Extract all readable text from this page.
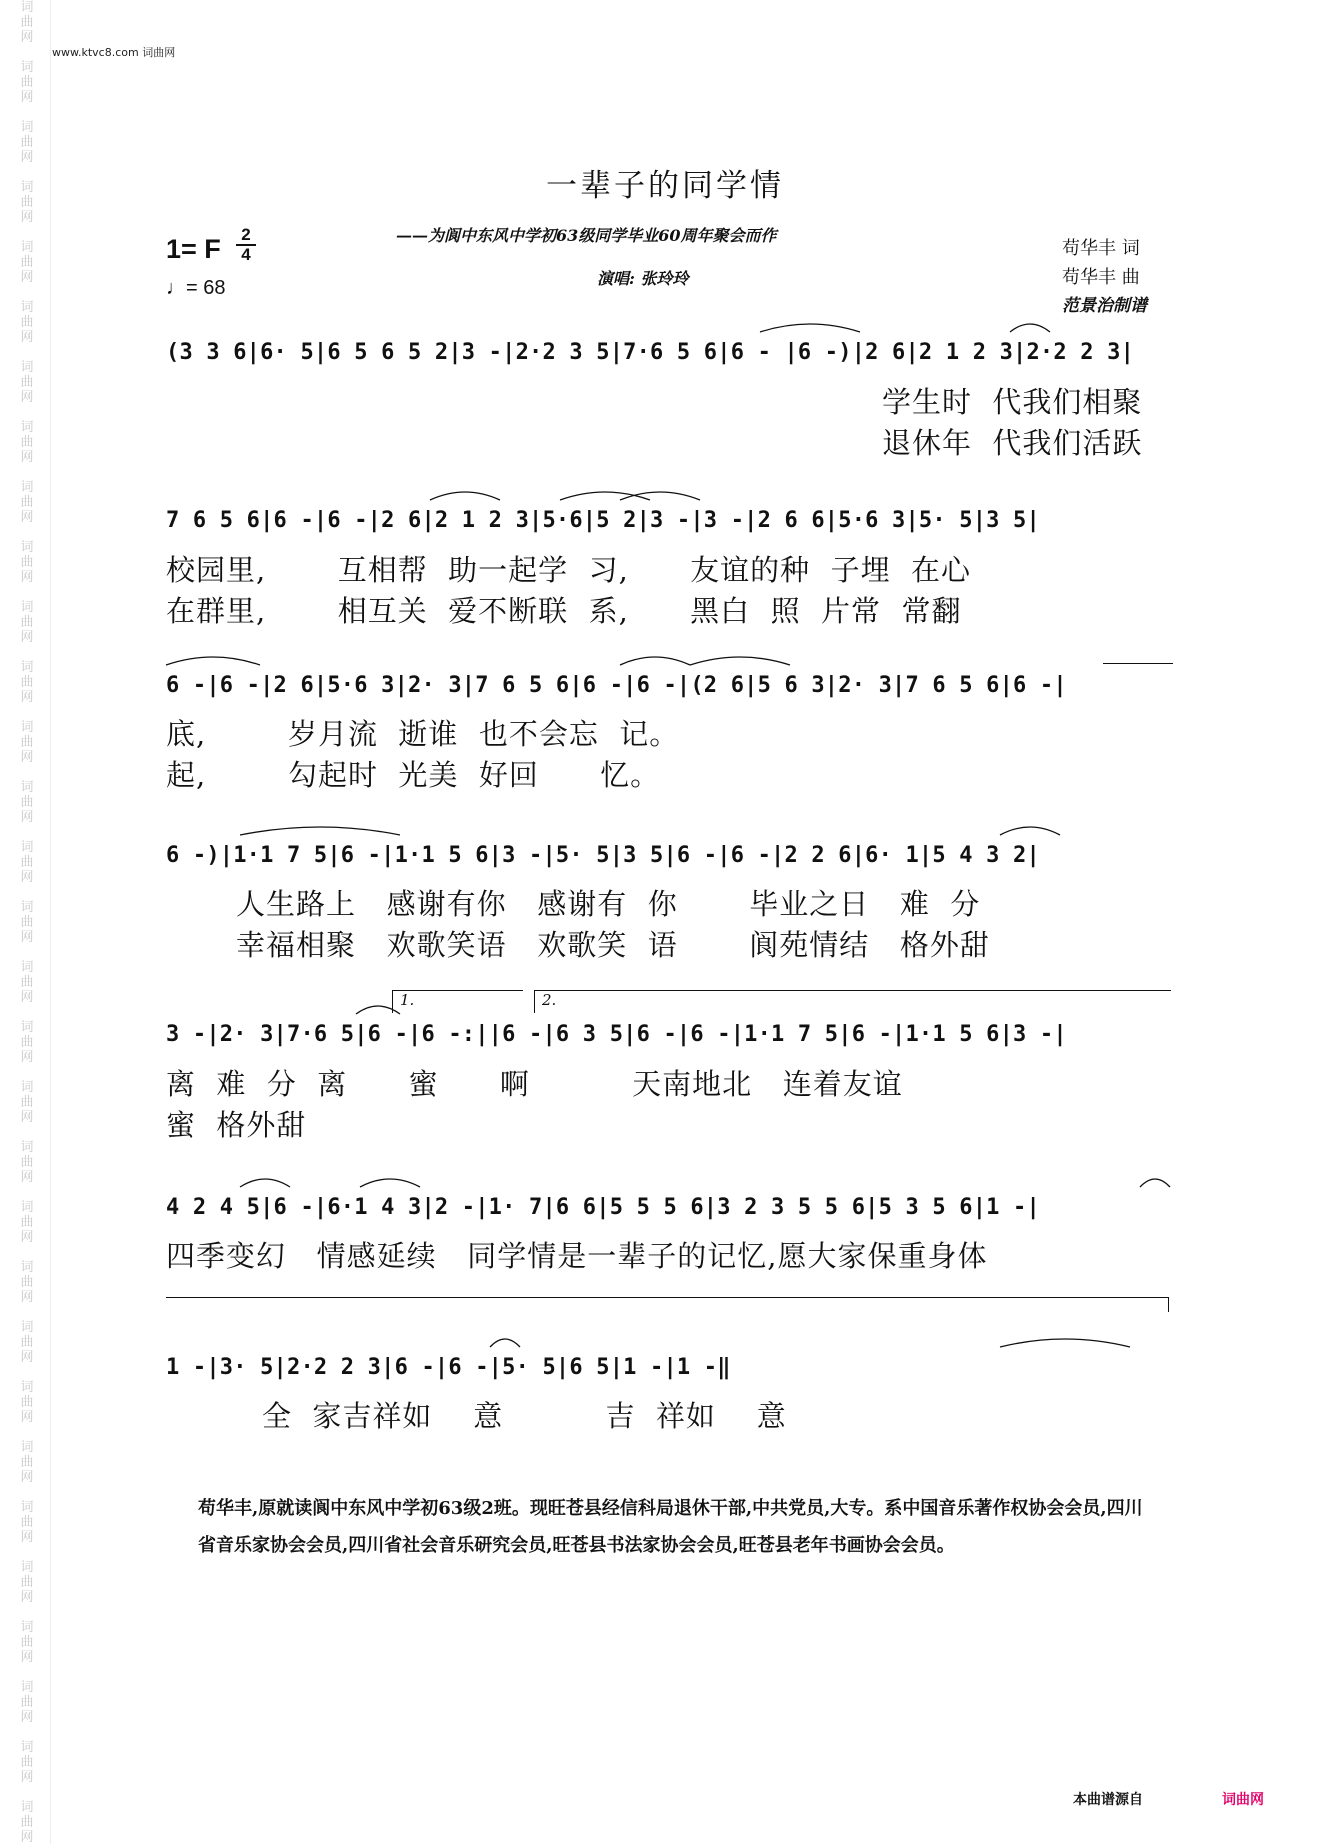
词
曲
网
词
曲
网
词
曲
网
词
曲
网
词
曲
网
词
曲
网
词
曲
网
词
曲
网
词
曲
网
词
曲
网
词
曲
网
词
曲
网
词
曲
网
词
曲
网
词
曲
网
词
曲
网
词
曲
网
词
曲
网
词
曲
网
词
曲
网
词
曲
网
词
曲
网
词
曲
网
词
曲
网
词
曲
网
词
曲
网
词
曲
网
词
曲
网
词
曲
网
词
曲
网
词
曲
网
www.ktvc8.com 词曲网
一辈子的同学情
——为阆中东风中学初63级同学毕业60周年聚会而作
演唱: 张玲玲
1= F $\frac{2}{4}$
♩= 68
苟华丰 词
苟华丰 曲
范景治制谱
(3 3 6|6· 5|6 5 6 5 2|3 -|2·2 3 5|7·6 5 6|6 - |6 -)|2 6|2 1 2 3|2·2 2 3|
学生时  代我们相聚
退休年  代我们活跃
7 6 5 6|6 -|6 -|2 6|2 1 2 3|5·6|5 2|3 -|3 -|2 6 6|5·6 3|5· 5|3 5|
校园里,       互相帮  助一起学  习,      友谊的种  子埋  在心
在群里,       相互关  爱不断联  系,      黑白  照  片常  常翻
6 -|6 -|2 6|5·6 3|2· 3|7 6 5 6|6 -|6 -|(2 6|5 6 3|2· 3|7 6 5 6|6 -|
底,        岁月流  逝谁  也不会忘  记。
起,        勾起时  光美  好回      忆。
6 -)|1·1 7 5|6 -|1·1 5 6|3 -|5· 5|3 5|6 -|6 -|2 2 6|6· 1|5 4 3 2|
人生路上   感谢有你   感谢有  你       毕业之日   难  分
幸福相聚   欢歌笑语   欢歌笑  语       阆苑情结   格外甜
1.	2.
3 -|2· 3|7·6 5|6 -|6 -:||6 -|6 3 5|6 -|6 -|1·1 7 5|6 -|1·1 5 6|3 -|
离  难  分  离      蜜      啊          天南地北   连着友谊
蜜  格外甜
4 2 4 5|6 -|6·1 4 3|2 -|1· 7|6 6|5 5 5 6|3 2 3 5 5 6|5 3 5 6|1 -|
四季变幻   情感延续   同学情是一辈子的记忆,愿大家保重身体
1 -|3· 5|2·2 2 3|6 -|6 -|5· 5|6 5|1 -|1 -‖
全  家吉祥如    意          吉  祥如    意

苟华丰,原就读阆中东风中学初63级2班。现旺苍县经信科局退休干部,中共党员,大专。系中国音乐著作权协会会员,四川省音乐家协会会员,四川省社会音乐研究会员,旺苍县书法家协会会员,旺苍县老年书画协会会员。

本曲谱源自	词曲网
